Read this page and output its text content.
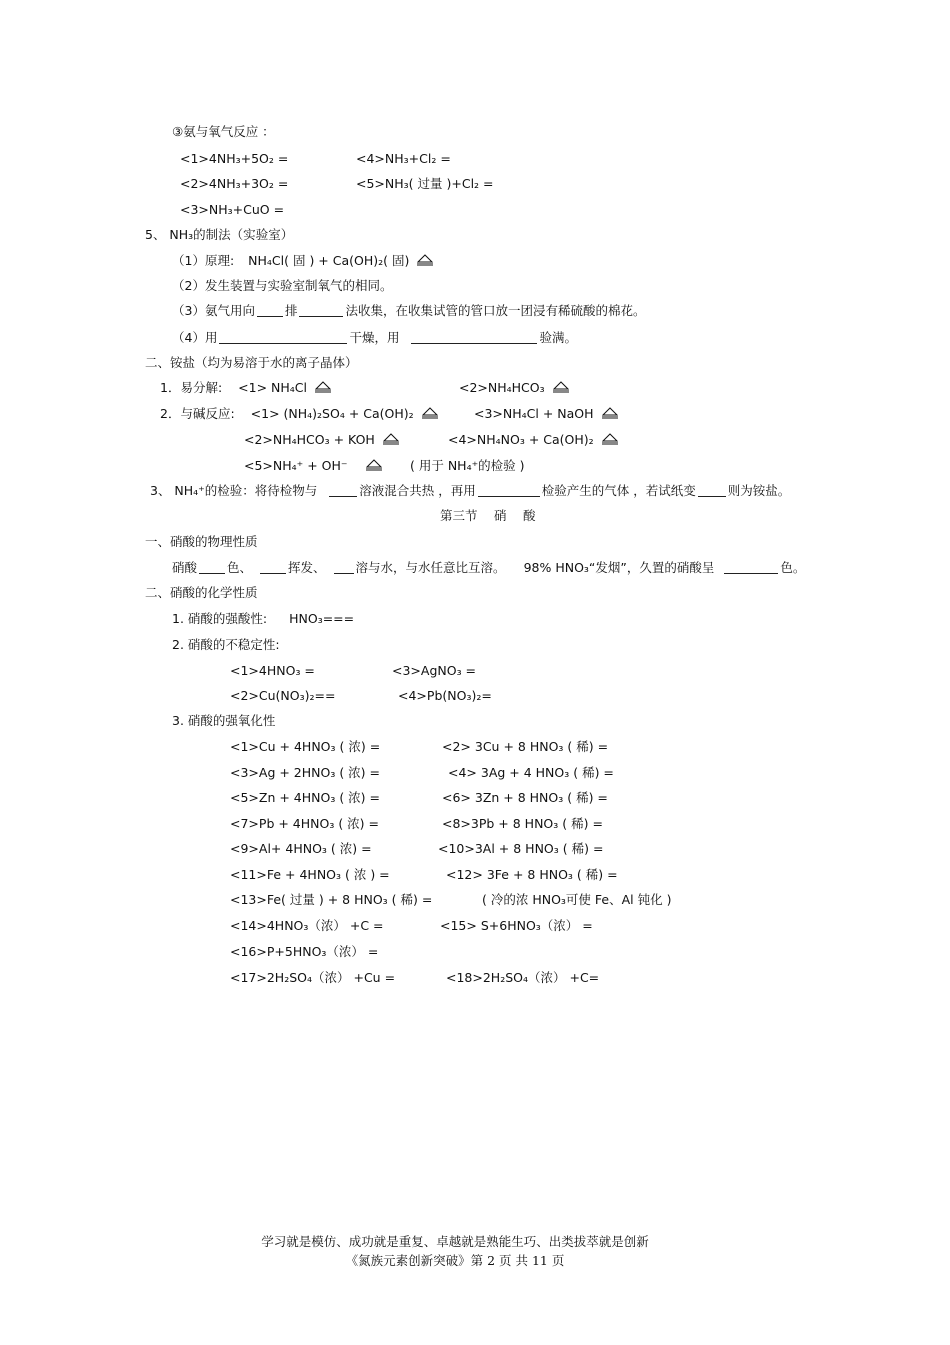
③氨与氧气反应 ：
<1>4NH₃+5O₂ =	<4>NH₃+Cl₂ =
<2>4NH₃+3O₂ =	<5>NH₃( 过量 )+Cl₂ =
<3>NH₃+CuO =
5、 NH₃的制法（实验室）
（1）原理: NH₄Cl( 固 ) + Ca(OH)₂( 固)
（2）发生装置与实验室制氧气的相同。
（3）氨气用向 排	法收集，在收集试管的管口放一团浸有稀硫酸的棉花。
（4）用	干燥，用	验满。
二、铵盐（均为易溶于水的离子晶体）
1．易分解: <1> NH₄Cl	<2>NH₄HCO₃
2．与碱反应: <1> (NH₄)₂SO₄ + Ca(OH)₂	<3>NH₄Cl + NaOH
<2>NH₄HCO₃ + KOH	<4>NH₄NO₃ + Ca(OH)₂
<5>NH₄⁺ + OH⁻	( 用于 NH₄⁺的检验 )
3、 NH₄⁺的检验：将待检物与	溶液混合共热 ，再用	检验产生的气体 ，若试纸变	则为铵盐。
第三节　 硝　 酸
一、硝酸的物理性质
硝酸 色、	挥发、 溶与水，与水任意比互溶。 98% HNO₃“发烟”，久置的硝酸呈	色。
二、硝酸的化学性质
1. 硝酸的强酸性: HNO₃===
2. 硝酸的不稳定性:
<1>4HNO₃ =	<3>AgNO₃ =
<2>Cu(NO₃)₂==	<4>Pb(NO₃)₂=
3. 硝酸的强氧化性
<1>Cu + 4HNO₃ ( 浓) =	<2> 3Cu + 8 HNO₃ ( 稀) =
<3>Ag + 2HNO₃ ( 浓) =	<4> 3Ag + 4 HNO₃ ( 稀) =
<5>Zn + 4HNO₃ ( 浓) =	<6> 3Zn + 8 HNO₃ ( 稀) =
<7>Pb + 4HNO₃ ( 浓) =	<8>3Pb + 8 HNO₃ ( 稀) =
<9>Al+ 4HNO₃ ( 浓) =	<10>3Al + 8 HNO₃ ( 稀) =
<11>Fe + 4HNO₃ ( 浓 ) =	<12> 3Fe + 8 HNO₃ ( 稀) =
<13>Fe( 过量 ) + 8 HNO₃ ( 稀) =	( 冷的浓 HNO₃可使 Fe、Al 钝化 )
<14>4HNO₃（浓） +C =	<15> S+6HNO₃（浓） =
<16>P+5HNO₃（浓） =
<17>2H₂SO₄（浓） +Cu =	<18>2H₂SO₄（浓） +C=
学习就是模仿、成功就是重复、卓越就是熟能生巧、出类拔萃就是创新
《氮族元素创新突破》第 2 页 共 11 页
